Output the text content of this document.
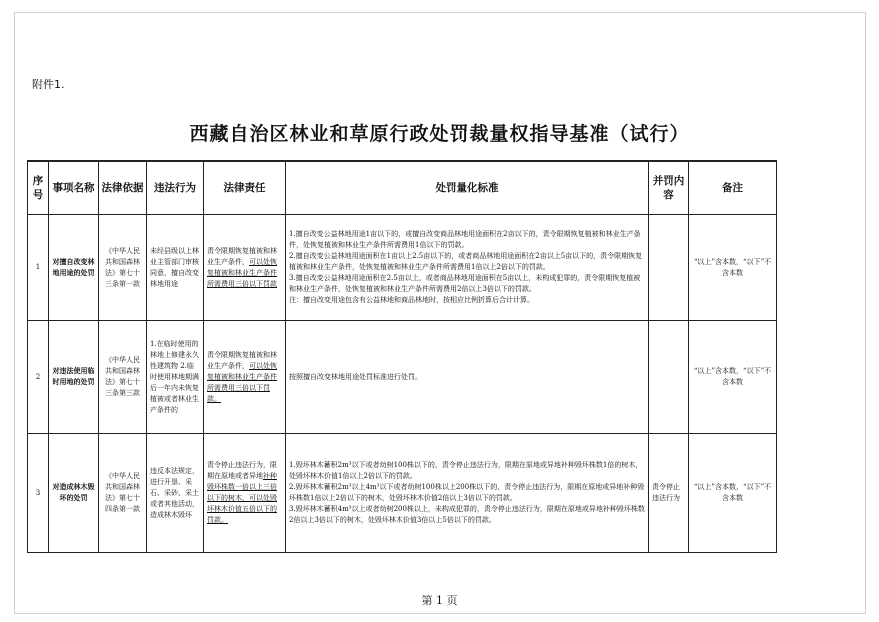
附件1.
西藏自治区林业和草原行政处罚裁量权指导基准（试行）
序号	事项名称	法律依据	违法行为	法律责任	处罚量化标准	并罚内容	备注
1	对擅自改变林地用途的处罚	《中华人民共和国森林法》第七十三条第一款	未经县级以上林业主管部门审核同意，擅自改变林地用途	责令限期恢复植被和林业生产条件，可以处恢复植被和林业生产条件所需费用三倍以下罚款	1.擅自改变公益林地用途1亩以下的，或擅自改变商品林地用途面积在2亩以下的，责令限期恢复植被和林业生产条件，处恢复植被和林业生产条件所需费用1倍以下的罚款。
2.擅自改变公益林地用途面积在1亩以上2.5亩以下的，或者商品林地用途面积在2亩以上5亩以下的，责令限期恢复植被和林业生产条件，处恢复植被和林业生产条件所需费用1倍以上2倍以下的罚款。
3.擅自改变公益林地用途面积在2.5亩以上，或者商品林地用途面积在5亩以上，未构成犯罪的，责令限期恢复植被和林业生产条件，处恢复植被和林业生产条件所需费用2倍以上3倍以下的罚款。
注：擅自改变用途包含有公益林地和商品林地时，按相应比例折算后合计计算。		“以上”含本数，“以下”不含本数
2	对违法使用临时用地的处罚	《中华人民共和国森林法》第七十三条第三款	1.在临时使用的林地上修建永久性建筑物 2.临时使用林地期满后一年内未恢复植被或者林业生产条件的	责令限期恢复植被和林业生产条件，可以处恢复植被和林业生产条件所需费用三倍以下罚款。	按照擅自改变林地用途处罚标准进行处罚。		“以上”含本数，“以下”不含本数
3	对造成林木毁坏的处罚	《中华人民共和国森林法》第七十四条第一款	违反本法规定，进行开垦、采石、采砂、采土或者其他活动，造成林木毁坏	责令停止违法行为，限期在原地或者异地补种毁坏株数一倍以上三倍以下的树木，可以处毁坏林木价值五倍以下的罚款。	1.毁坏林木蓄积2m³以下或者幼树100株以下的，责令停止违法行为，限期在原地或异地补种毁坏株数1倍的树木，处毁坏林木价值1倍以上2倍以下的罚款。
2.毁坏林木蓄积2m³以上4m³以下或者幼树100株以上200株以下的，责令停止违法行为，限期在原地或异地补种毁坏株数1倍以上2倍以下的树木，处毁坏林木价值2倍以上3倍以下的罚款。
3.毁坏林木蓄积4m³以上或者幼树200株以上，未构成犯罪的，责令停止违法行为，限期在原地或异地补种毁坏株数2倍以上3倍以下的树木，处毁坏林木价值3倍以上5倍以下的罚款。	责令停止违法行为	“以上”含本数，“以下”不含本数
第 1 页
